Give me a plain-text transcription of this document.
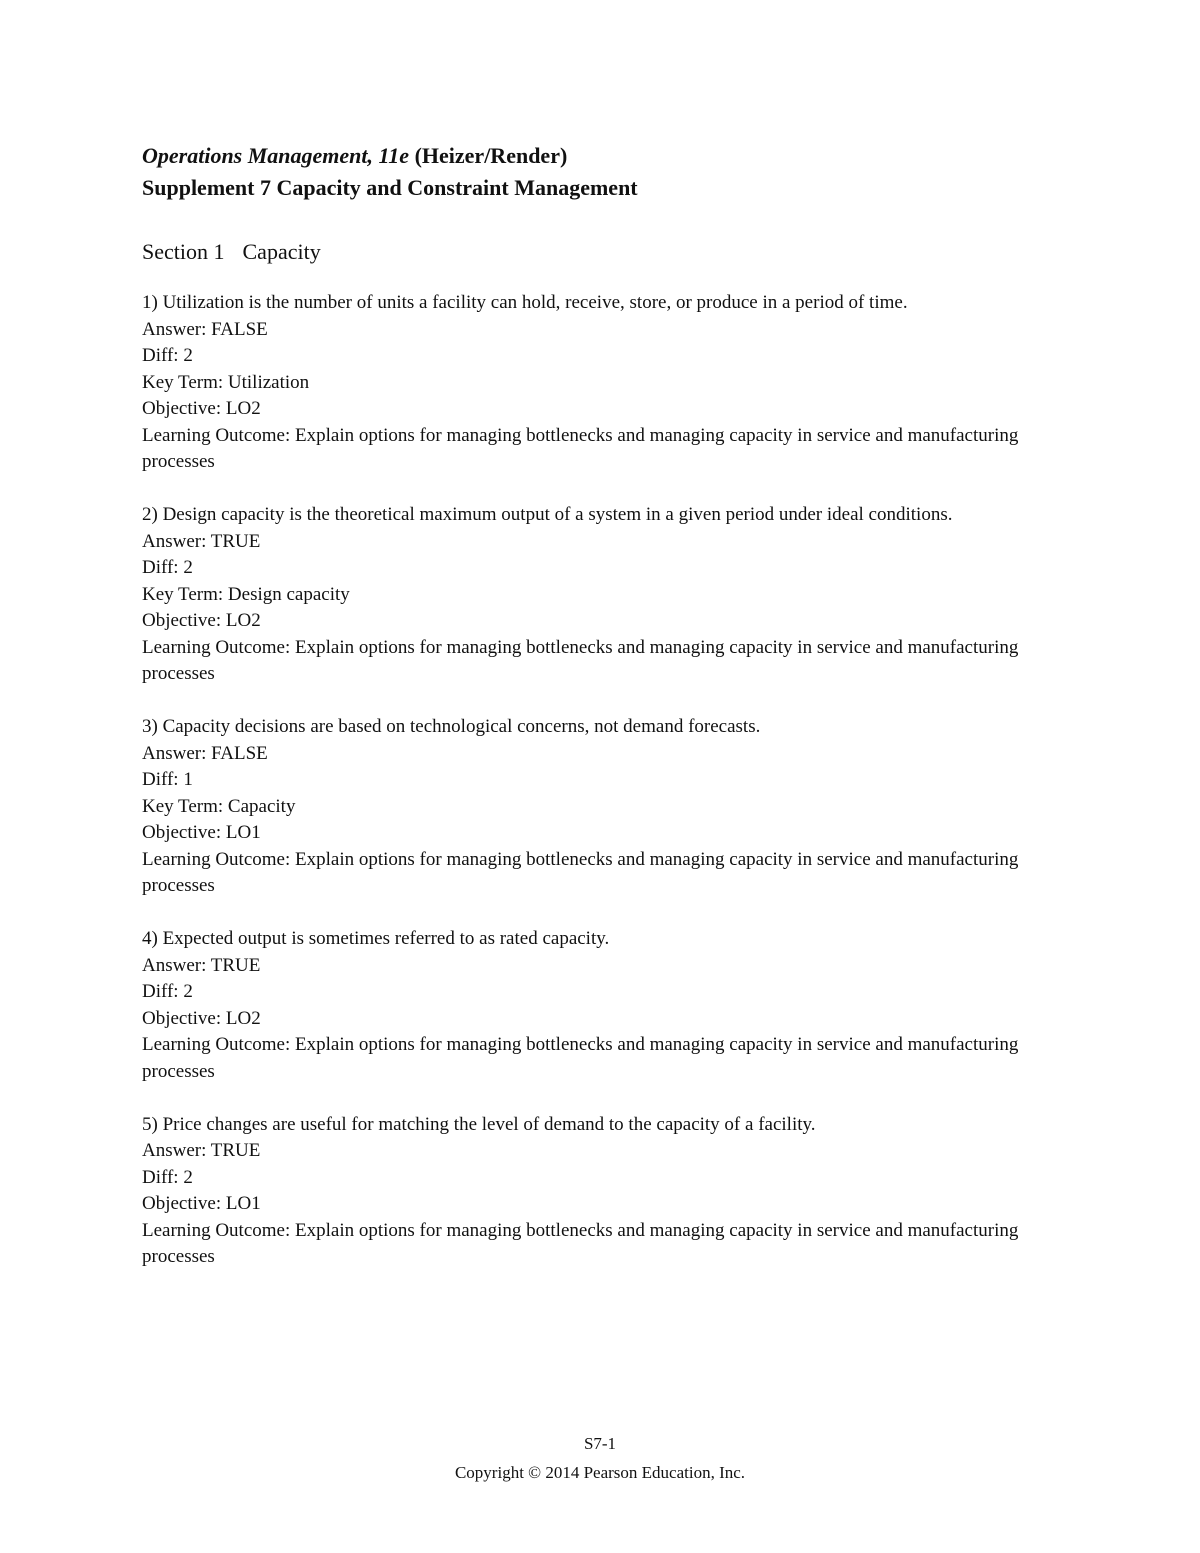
Operations Management, 11e (Heizer/Render)
Supplement 7 Capacity and Constraint Management
Section 1 Capacity
1) Utilization is the number of units a facility can hold, receive, store, or produce in a period of time.
Answer: FALSE
Diff: 2
Key Term: Utilization
Objective: LO2
Learning Outcome: Explain options for managing bottlenecks and managing capacity in service and manufacturing processes
2) Design capacity is the theoretical maximum output of a system in a given period under ideal conditions.
Answer: TRUE
Diff: 2
Key Term: Design capacity
Objective: LO2
Learning Outcome: Explain options for managing bottlenecks and managing capacity in service and manufacturing processes
3) Capacity decisions are based on technological concerns, not demand forecasts.
Answer: FALSE
Diff: 1
Key Term: Capacity
Objective: LO1
Learning Outcome: Explain options for managing bottlenecks and managing capacity in service and manufacturing processes
4) Expected output is sometimes referred to as rated capacity.
Answer: TRUE
Diff: 2
Objective: LO2
Learning Outcome: Explain options for managing bottlenecks and managing capacity in service and manufacturing processes
5) Price changes are useful for matching the level of demand to the capacity of a facility.
Answer: TRUE
Diff: 2
Objective: LO1
Learning Outcome: Explain options for managing bottlenecks and managing capacity in service and manufacturing processes
S7-1
Copyright © 2014 Pearson Education, Inc.
